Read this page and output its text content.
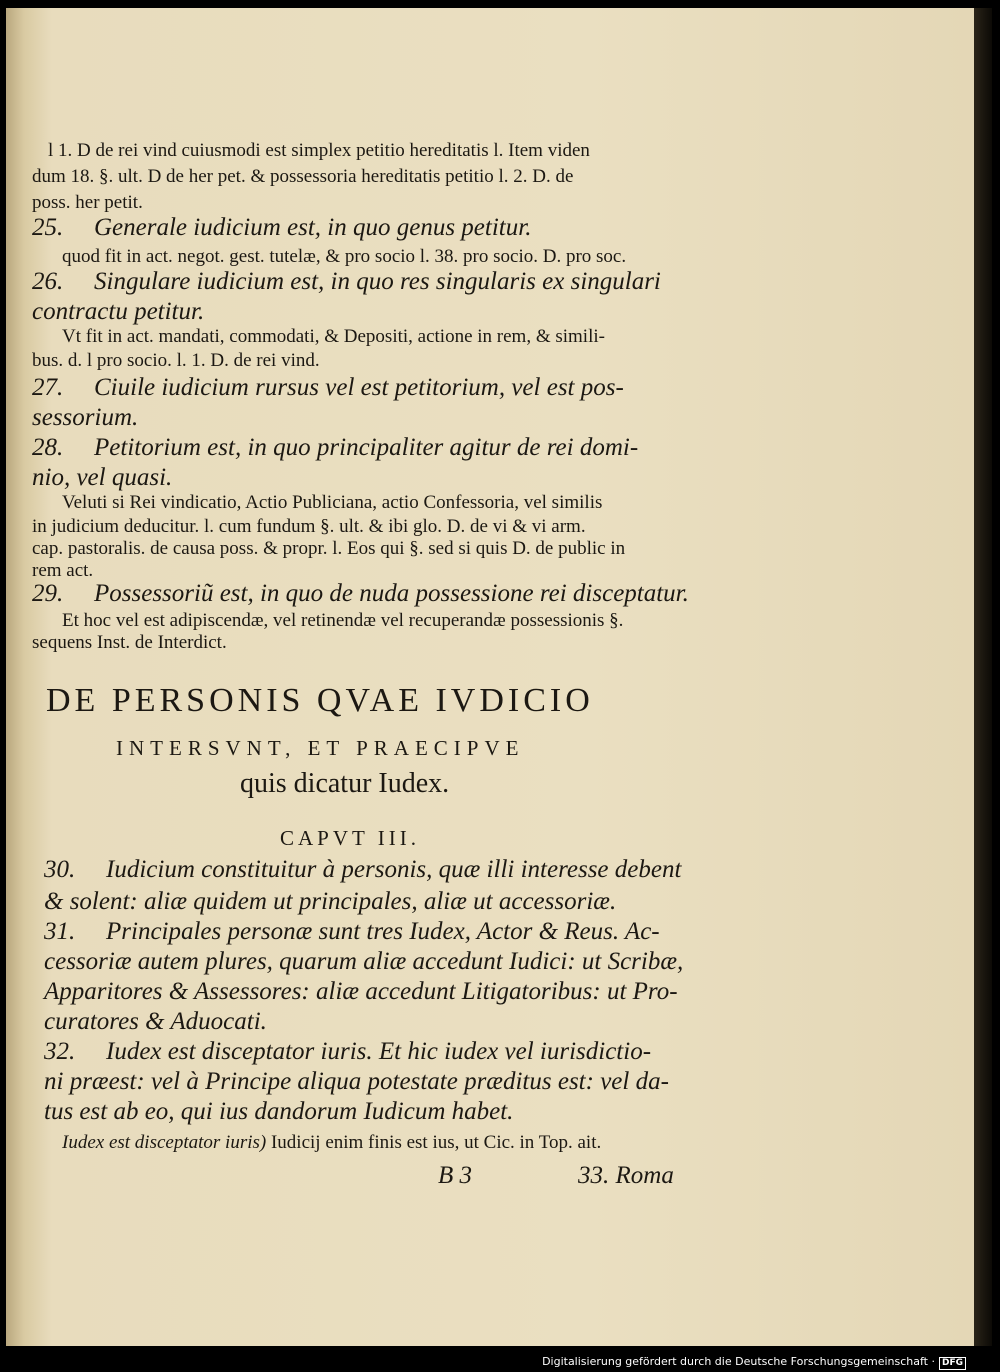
l 1. D de rei vind cuiusmodi est simplex petitio hereditatis l. Item viden
dum 18. §. ult. D de her pet. & possessoria hereditatis petitio l. 2. D. de
poss. her petit.
25. Generale iudicium est, in quo genus petitur.
quod fit in act. negot. gest. tutelæ, & pro socio l. 38. pro socio. D. pro soc.
26. Singulare iudicium est, in quo res singularis ex singulari
contractu petitur.
Vt fit in act. mandati, commodati, & Depositi, actione in rem, & simili-
bus. d. l pro socio. l. 1. D. de rei vind.
27. Ciuile iudicium rursus vel est petitorium, vel est pos-
sessorium.
28. Petitorium est, in quo principaliter agitur de rei domi-
nio, vel quasi.
Veluti si Rei vindicatio, Actio Publiciana, actio Confessoria, vel similis
in judicium deducitur. l. cum fundum §. ult. & ibi glo. D. de vi & vi arm.
cap. pastoralis. de causa poss. & propr. l. Eos qui §. sed si quis D. de public in
rem act.
29. Possessoriũ est, in quo de nuda possessione rei disceptatur.
Et hoc vel est adipiscendæ, vel retinendæ vel recuperandæ possessionis §.
sequens Inst. de Interdict.
DE PERSONIS QVAE IVDICIO
INTERSVNT, ET PRAECIPVE
quis dicatur Iudex.
CAPVT III.
30. Iudicium constituitur à personis, quæ illi interesse debent
& solent: aliæ quidem ut principales, aliæ ut accessoriæ.
31. Principales personæ sunt tres Iudex, Actor & Reus. Ac-
cessoriæ autem plures, quarum aliæ accedunt Iudici: ut Scribæ,
Apparitores & Assessores: aliæ accedunt Litigatoribus: ut Pro-
curatores & Aduocati.
32. Iudex est disceptator iuris. Et hic iudex vel iurisdictio-
ni præest: vel à Principe aliqua potestate præditus est: vel da-
tus est ab eo, qui ius dandorum Iudicum habet.
Iudex est disceptator iuris) Iudicij enim finis est ius, ut Cic. in Top. ait.
B 3	33. Roma
Digitalisierung gefördert durch die Deutsche Forschungsgemeinschaft · DFG
